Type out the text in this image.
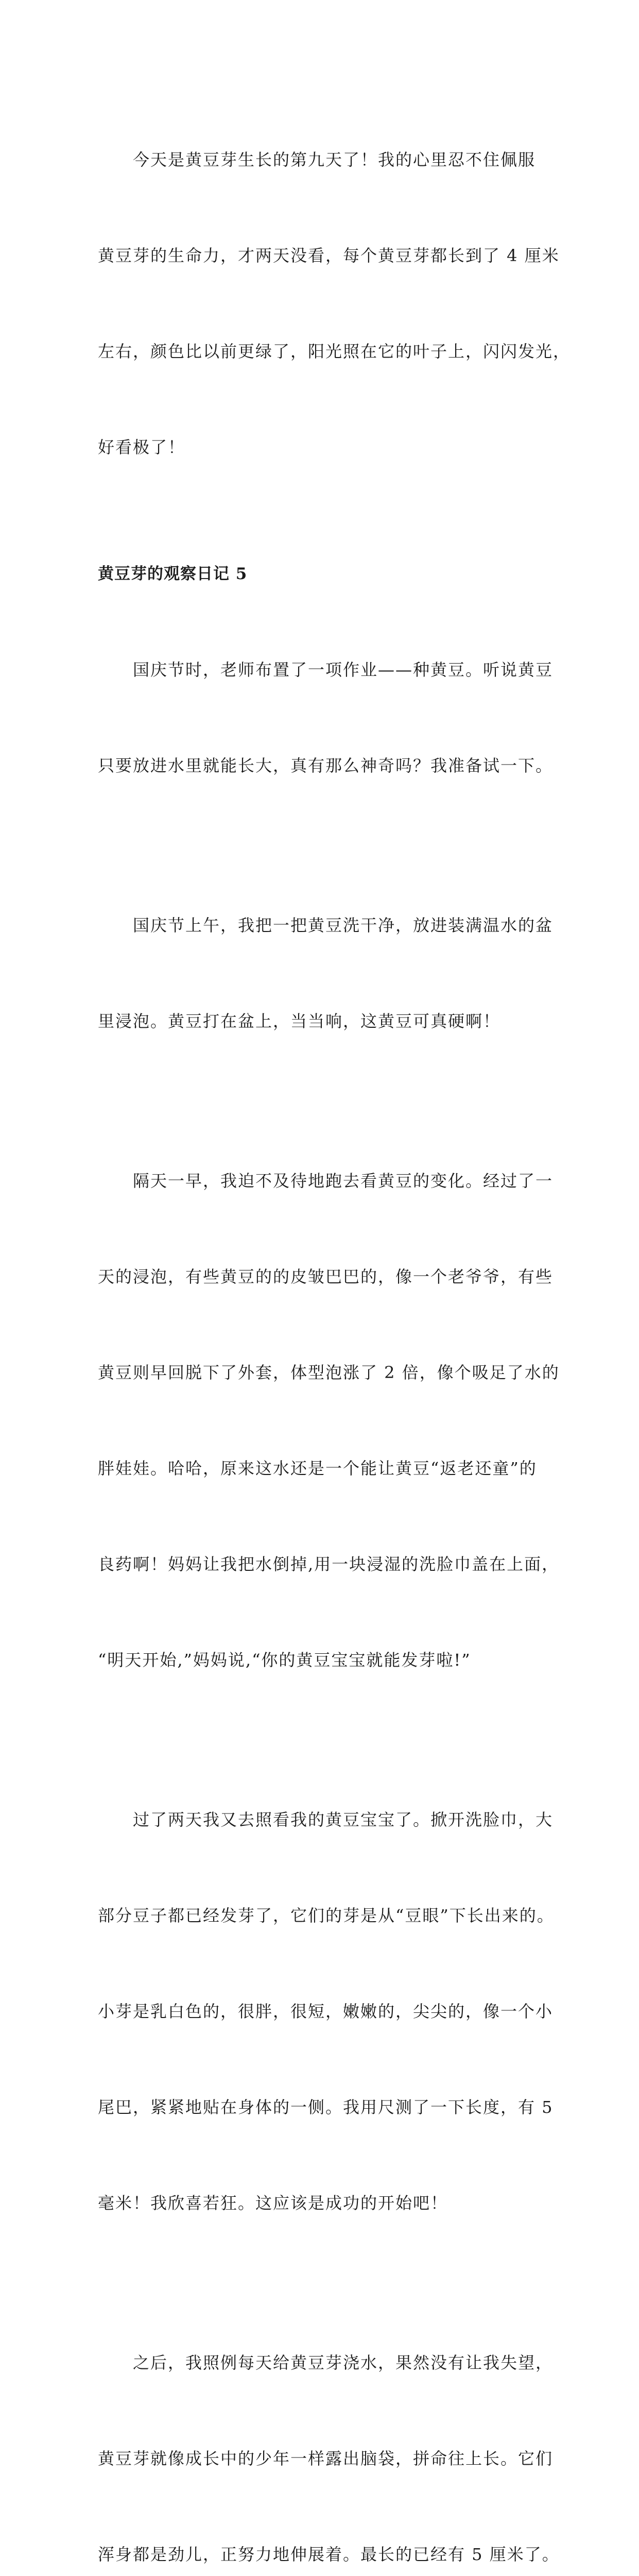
　　今天是黄豆芽生长的第九天了！我的心里忍不住佩服

黄豆芽的生命力，才两天没看，每个黄豆芽都长到了 4 厘米

左右，颜色比以前更绿了，阳光照在它的叶子上，闪闪发光，

好看极了！

黄豆芽的观察日记 5

　　国庆节时，老师布置了一项作业——种黄豆。听说黄豆

只要放进水里就能长大，真有那么神奇吗？我准备试一下。

　　国庆节上午，我把一把黄豆洗干净，放进装满温水的盆

里浸泡。黄豆打在盆上，当当响，这黄豆可真硬啊！

　　隔天一早，我迫不及待地跑去看黄豆的变化。经过了一

天的浸泡，有些黄豆的的皮皱巴巴的，像一个老爷爷，有些

黄豆则早回脱下了外套，体型泡涨了 2 倍，像个吸足了水的

胖娃娃。哈哈，原来这水还是一个能让黄豆“返老还童”的

良药啊！妈妈让我把水倒掉,用一块浸湿的洗脸巾盖在上面，

“明天开始,”妈妈说,“你的黄豆宝宝就能发芽啦!”

　　过了两天我又去照看我的黄豆宝宝了。掀开洗脸巾，大

部分豆子都已经发芽了，它们的芽是从“豆眼”下长出来的。

小芽是乳白色的，很胖，很短，嫩嫩的，尖尖的，像一个小

尾巴，紧紧地贴在身体的一侧。我用尺测了一下长度，有 5

毫米！我欣喜若狂。这应该是成功的开始吧！

　　之后，我照例每天给黄豆芽浇水，果然没有让我失望，

黄豆芽就像成长中的少年一样露出脑袋，拼命往上长。它们

浑身都是劲儿，正努力地伸展着。最长的已经有 5 厘米了。
